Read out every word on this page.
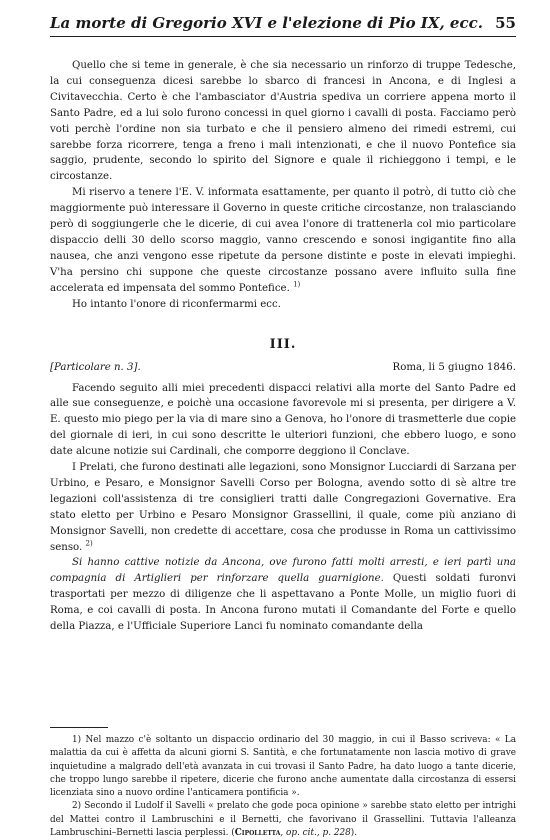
La morte di Gregorio XVI e l'elezione di Pio IX, ecc. 55

Quello che si teme in generale, è che sia necessario un rinforzo di truppe Tedesche, la cui conseguenza dicesi sarebbe lo sbarco di francesi in Ancona, e di Inglesi a Civitavecchia. Certo è che l'ambasciator d'Austria spediva un corriere appena morto il Santo Padre, ed a lui solo furono concessi in quel giorno i cavalli di posta. Facciamo però voti perchè l'ordine non sia turbato e che il pensiero almeno dei rimedi estremi, cui sarebbe forza ricorrere, tenga a freno i mali intenzionati, e che il nuovo Pontefice sia saggio, prudente, secondo lo spirito del Signore e quale il richieggono i tempi, e le circostanze.

Mi riservo a tenere l'E. V. informata esattamente, per quanto il potrò, di tutto ciò che maggiormente può interessare il Governo in queste critiche circostanze, non tralasciando però di soggiungerle che le dicerie, di cui avea l'onore di trattenerla col mio particolare dispaccio delli 30 dello scorso maggio, vanno crescendo e sonosi ingigantite fino alla nausea, che anzi vengono esse ripetute da persone distinte e poste in elevati impieghi. V'ha persino chi suppone che queste circostanze possano avere influito sulla fine accelerata ed impensata del sommo Pontefice. $^{1)}$

Ho intanto l'onore di riconfermarmi ecc.

III.
[Particolare n. 3].	Roma, li 5 giugno 1846.

Facendo seguito alli miei precedenti dispacci relativi alla morte del Santo Padre ed alle sue conseguenze, e poichè una occasione favorevole mi si presenta, per dirigere a V. E. questo mio piego per la via di mare sino a Genova, ho l'onore di trasmetterle due copie del giornale di ieri, in cui sono descritte le ulteriori funzioni, che ebbero luogo, e sono date alcune notizie sui Cardinali, che comporre deggiono il Conclave.

I Prelati, che furono destinati alle legazioni, sono Monsignor Lucciardi di Sarzana per Urbino, e Pesaro, e Monsignor Savelli Corso per Bologna, avendo sotto di sè altre tre legazioni coll'assistenza di tre consiglieri tratti dalle Congregazioni Governative. Era stato eletto per Urbino e Pesaro Monsignor Grassellini, il quale, come più anziano di Monsignor Savelli, non credette di accettare, cosa che produsse in Roma un cattivissimo senso. $^{2)}$

Si hanno cattive notizie da Ancona, ove furono fatti molti arresti, e ieri partì una compagnia di Artiglieri per rinforzare quella guarnigione. Questi soldati furonvi trasportati per mezzo di diligenze che li aspettavano a Ponte Molle, un miglio fuori di Roma, e coi cavalli di posta. In Ancona furono mutati il Comandante del Forte e quello della Piazza, e l'Ufficiale Superiore Lanci fu nominato comandante della

1) Nel mazzo c'è soltanto un dispaccio ordinario del 30 maggio, in cui il Basso scriveva: « La malattia da cui è affetta da alcuni giorni S. Santità, e che fortunatamente non lascia motivo di grave inquietudine a malgrado dell'età avanzata in cui trovasi il Santo Padre, ha dato luogo a tante dicerie, che troppo lungo sarebbe il ripetere, dicerie che furono anche aumentate dalla circostanza di essersi licenziata sino a nuovo ordine l'anticamera pontificia ».

2) Secondo il Ludolf il Savelli « prelato che gode poca opinione » sarebbe stato eletto per intrighi del Mattei contro il Lambruschini e il Bernetti, che favorivano il Grassellini. Tuttavia l'alleanza Lambruschini–Bernetti lascia perplessi. (Cipolletta, op. cit., p. 228).
